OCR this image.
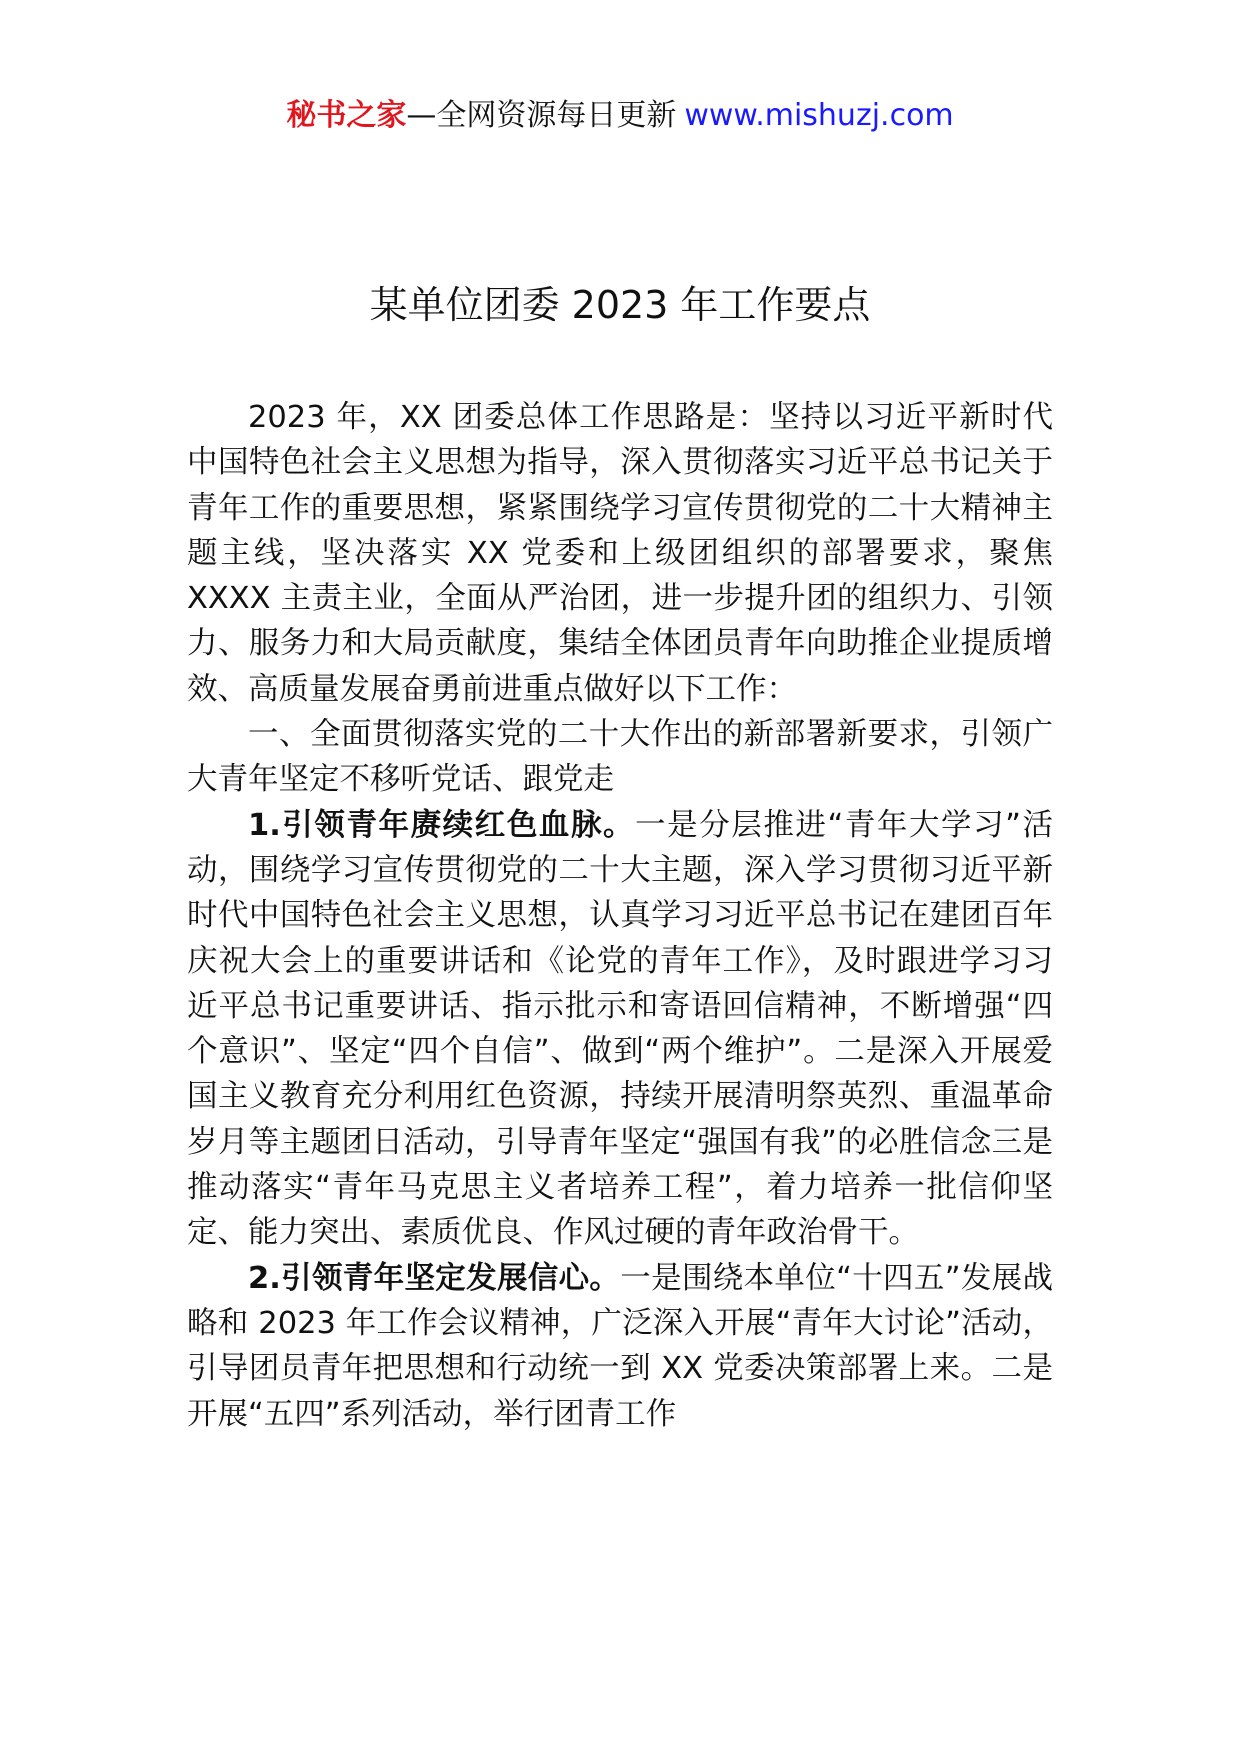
秘书之家—全网资源每日更新 www.mishuzj.com
某单位团委 2023 年工作要点

2023 年，XX 团委总体工作思路是：坚持以习近平新时代中国特色社会主义思想为指导，深入贯彻落实习近平总书记关于青年工作的重要思想，紧紧围绕学习宣传贯彻党的二十大精神主题主线，坚决落实 XX 党委和上级团组织的部署要求，聚焦 XXXX 主责主业，全面从严治团，进一步提升团的组织力、引领力、服务力和大局贡献度，集结全体团员青年向助推企业提质增效、高质量发展奋勇前进重点做好以下工作：

一、全面贯彻落实党的二十大作出的新部署新要求，引领广大青年坚定不移听党话、跟党走

1.引领青年赓续红色血脉。一是分层推进“青年大学习”活动，围绕学习宣传贯彻党的二十大主题，深入学习贯彻习近平新时代中国特色社会主义思想，认真学习习近平总书记在建团百年庆祝大会上的重要讲话和《论党的青年工作》，及时跟进学习习近平总书记重要讲话、指示批示和寄语回信精神，不断增强“四个意识”、坚定“四个自信”、做到“两个维护”。二是深入开展爱国主义教育充分利用红色资源，持续开展清明祭英烈、重温革命岁月等主题团日活动，引导青年坚定“强国有我”的必胜信念三是推动落实“青年马克思主义者培养工程”，着力培养一批信仰坚定、能力突出、素质优良、作风过硬的青年政治骨干。

2.引领青年坚定发展信心。一是围绕本单位“十四五”发展战略和 2023 年工作会议精神，广泛深入开展“青年大讨论”活动，引导团员青年把思想和行动统一到 XX 党委决策部署上来。二是开展“五四”系列活动，举行团青工作
